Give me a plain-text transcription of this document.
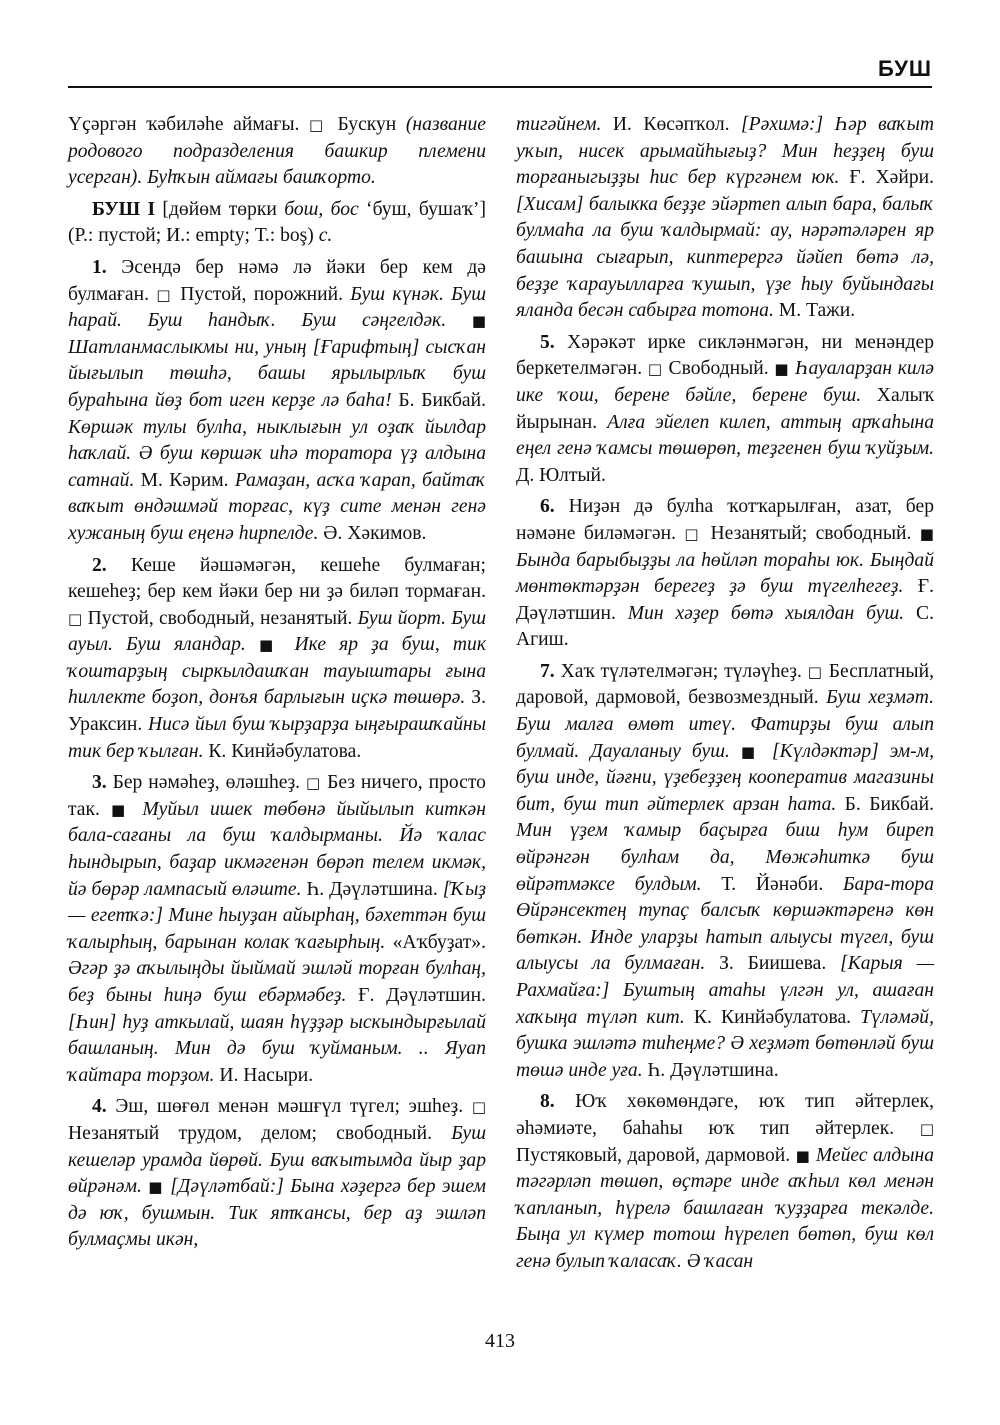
БУШ

Үҫәргән ҡәбиләһе аймағы. □ Бускун (название родового подразделения башкир племени усерган). Буһҡын аймағы башҡорто.

БУШ I [дөйөм төрки бош, бос ‘буш, бушаҡ’] (Р.: пустой; И.: empty; Т.: boş) с.

1. Эсендә бер нәмә лә йәки бер кем дә булмаған. □ Пустой, порожний. Буш күнәк. Буш һарай. Буш һандыҡ. Буш сәңгелдәк. ■ Шатланмаслыкмы ни, уның [Ғарифтың] сысҡан йығылып төшһә, башы ярылырлыҡ буш бураһына йөҙ бот иген керҙе лә баһа! Б. Бикбай. Көршәк тулы булһа, ныклығын ул оҙаҡ йылдар һаҡлай. Ә буш көршәк иһә торатора үҙ алдына сатнай. М. Кәрим. Рамаҙан, асҡа ҡарап, байтаҡ ваҡыт өндәшмәй торғас, күҙ сите менән генә хужаның буш еңенә һирпелде. Ә. Хәкимов.

2. Кеше йәшәмәгән, кешеһе булмаған; кешеһеҙ; бер кем йәки бер ни ҙә биләп тормаған. □ Пустой, свободный, незанятый. Буш йорт. Буш ауыл. Буш яландар. ■ Ике яр ҙа буш, тик ҡоштарҙың сыркылдашҡан тауыштары ғына һиллекте боҙоп, донъя барлығын иҫкә төшөрә. З. Ураксин. Нисә йыл буш ҡырҙарҙа ыңғырашҡайны тик бер ҡылған. К. Кинйәбулатова.

3. Бер нәмәһеҙ, өләшһеҙ. □ Без ничего, просто так. ■ Муйыл ишек төбөнә йыйылып киткән бала-сағаны ла буш ҡалдырманы. Йә ҡалас һындырып, баҙар икмәгенән бөрәп телем икмәк, йә бөрәр лампасый өләште. Һ. Дәүләтшина. [Ҡыҙ — егетҡә:] Мине һыуҙан айырһаң, бәхеттән буш ҡалырһың, барынан колак ҡағырһың. «Аҡбуҙат». Әгәр ҙә аҡылыңды йыймай эшләй торған булһаң, беҙ быны һиңә буш ебәрмәбеҙ. Ғ. Дәүләтшин. [Һин] һуҙ аткылай, шаян һүҙҙәр ыскындырғылай башланың. Мин дә буш ҡуйманым. .. Яуап ҡайтара торҙом. И. Насыри.

4. Эш, шөғөл менән мәшғүл түгел; эшһеҙ. □ Незанятый трудом, делом; свободный. Буш кешеләр урамда йөрөй. Буш ваҡытымда йыр ҙар өйрәнәм. ■ [Дәүләтбай:] Бына хәҙергә бер эшем дә юҡ, бушмын. Тик ятҡансы, бер аҙ эшләп булмаҫмы икән,

тигәйнем. И. Көсәпҡол. [Рәхимә:] Һәр ваҡыт уҡып, нисек арымайһығыҙ? Мин һеҙҙең буш торғаныгыҙҙы һис бер күргәнем юк. Ғ. Хәйри. [Хисам] балыкка беҙҙе эйәртеп алып бара, балыҡ булмаһа ла буш ҡалдырмай: ау, нәрәтәләрен яр башына сығарып, киптерергә йәйеп бөтә лә, беҙҙе ҡарауылларға ҡушып, үҙе һыу буйындағы яланда бесән сабырға тотона. М. Тажи.

5. Хәрәкәт ирке сикләнмәгән, ни менәндер беркетелмәгән. □ Свободный. ■ Һауаларҙан килә ике ҡош, берене бәйле, берене буш. Халыҡ йырынан. Алға эйелеп килеп, аттың арҡаһына еңел генә ҡамсы төшөрөп, теҙгенен буш ҡуйҙым. Д. Юлтый.

6. Ниҙән дә булһа ҡотҡарылған, азат, бер нәмәне биләмәгән. □ Незанятый; свободный. ■ Бында барыбыҙҙы ла һөйләп тораһы юк. Быңдай мөнтөктәрҙән берегеҙ ҙә буш түгелһегеҙ. Ғ. Дәүләтшин. Мин хәҙер бөтә хыялдан буш. С. Агиш.

7. Хаҡ түләтелмәгән; түләүһеҙ. □ Бесплатный, даровой, дармовой, безвозмездный. Буш хеҙмәт. Буш малға өмөт итеү. Фатирҙы буш алып булмай. Дауаланыу буш. ■ [Күлдәктәр] эм-м, буш инде, йәғни, үҙебеҙҙең кооператив магазины бит, буш тип әйтерлек арзан һата. Б. Бикбай. Мин үҙем ҡамыр баҫырға биш һум биреп өйрәнгән булһам да, Мөжәһиткә буш өйрәтмәксе булдым. Т. Йәнәби. Бара-тора Өйрәнсектең тупаҫ балсыҡ көршәктәренә көн бөткән. Инде уларҙы һатып алыусы түгел, буш алыусы ла булмаған. З. Биишева. [Карыя — Рахмайға:] Буштың атаһы үлгән ул, ашаған хаҡыңа түләп кит. К. Кинйәбулатова. Түләмәй, бушка эшләтә тиһеңме? Ә хеҙмәт бөтөнләй буш төшә инде уға. Һ. Дәүләтшина.

8. Юҡ хөкөмөндәге, юҡ тип әйтерлек, әһәмиәте, баһаһы юҡ тип әйтерлек. □ Пустяковый, даровой, дармовой. ■ Мейес алдына тәгәрләп төшөп, өҫтәре инде аҡһыл көл менән ҡапланып, һүрелә башлаған ҡуҙҙарға текәлде. Быңа ул күмер тотош һүрелеп бөтөп, буш көл генә булып ҡаласаҡ. Ә ҡасан

413
